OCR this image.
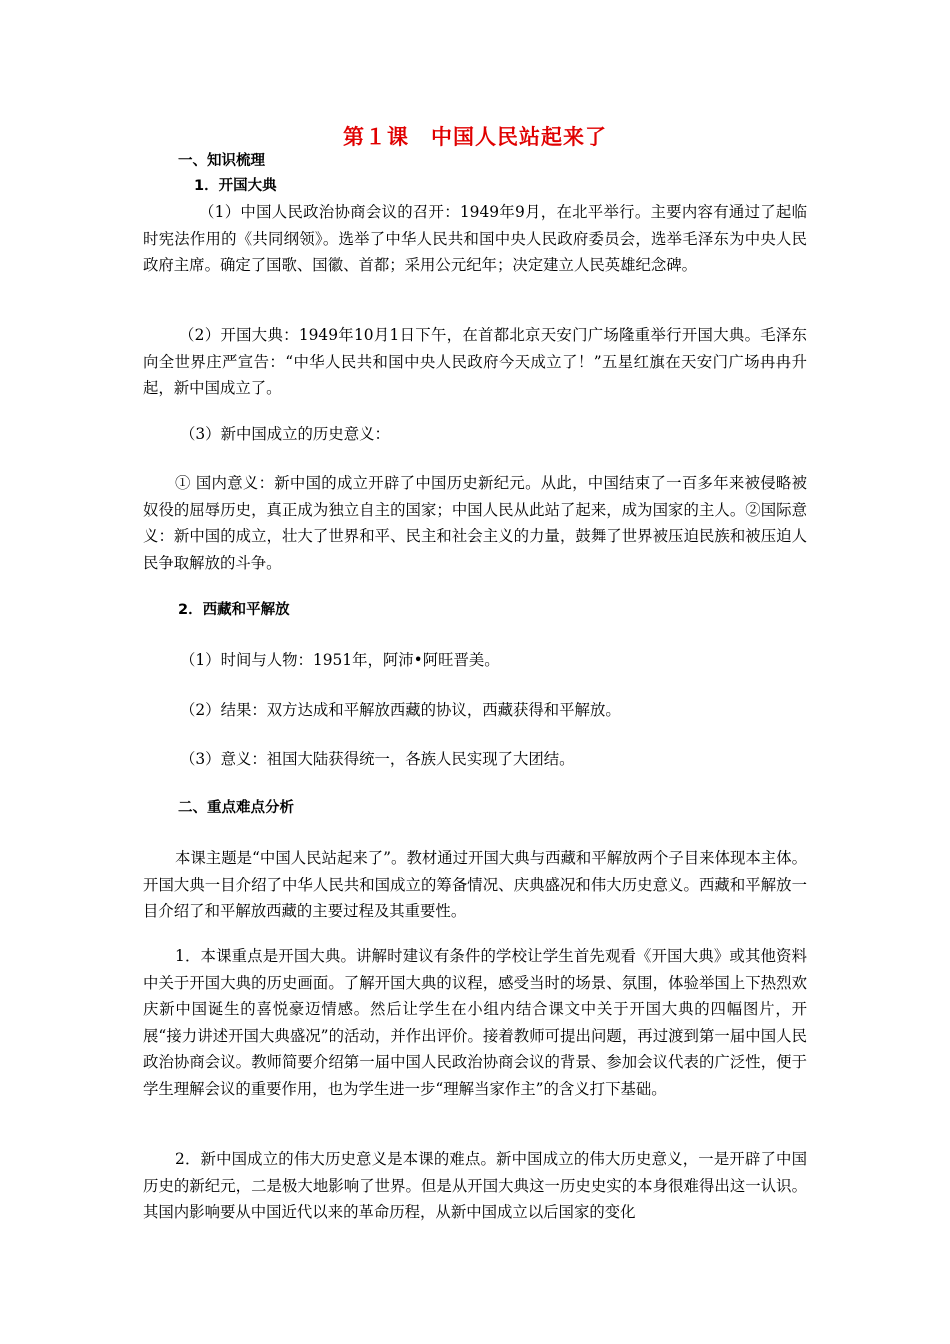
第１课　中国人民站起来了
一、知识梳理
1．开国大典

（1）中国人民政治协商会议的召开：1949年9月，在北平举行。主要内容有通过了起临时宪法作用的《共同纲领》。选举了中华人民共和国中央人民政府委员会，选举毛泽东为中央人民政府主席。确定了国歌、国徽、首都；采用公元纪年；决定建立人民英雄纪念碑。

（2）开国大典：1949年10月1日下午，在首都北京天安门广场隆重举行开国大典。毛泽东向全世界庄严宣告：“中华人民共和国中央人民政府今天成立了！”五星红旗在天安门广场冉冉升起，新中国成立了。

（3）新中国成立的历史意义：

① 国内意义：新中国的成立开辟了中国历史新纪元。从此，中国结束了一百多年来被侵略被奴役的屈辱历史，真正成为独立自主的国家；中国人民从此站了起来，成为国家的主人。②国际意义：新中国的成立，壮大了世界和平、民主和社会主义的力量，鼓舞了世界被压迫民族和被压迫人民争取解放的斗争。

2．西藏和平解放

（1）时间与人物：1951年，阿沛•阿旺晋美。

（2）结果：双方达成和平解放西藏的协议，西藏获得和平解放。

（3）意义：祖国大陆获得统一，各族人民实现了大团结。

二、重点难点分析

本课主题是“中国人民站起来了”。教材通过开国大典与西藏和平解放两个子目来体现本主体。开国大典一目介绍了中华人民共和国成立的筹备情况、庆典盛况和伟大历史意义。西藏和平解放一目介绍了和平解放西藏的主要过程及其重要性。

1．本课重点是开国大典。讲解时建议有条件的学校让学生首先观看《开国大典》或其他资料中关于开国大典的历史画面。了解开国大典的议程，感受当时的场景、氛围，体验举国上下热烈欢庆新中国诞生的喜悦豪迈情感。然后让学生在小组内结合课文中关于开国大典的四幅图片，开展“接力讲述开国大典盛况”的活动，并作出评价。接着教师可提出问题，再过渡到第一届中国人民政治协商会议。教师简要介绍第一届中国人民政治协商会议的背景、参加会议代表的广泛性，便于学生理解会议的重要作用，也为学生进一步“理解当家作主”的含义打下基础。

2．新中国成立的伟大历史意义是本课的难点。新中国成立的伟大历史意义，一是开辟了中国历史的新纪元，二是极大地影响了世界。但是从开国大典这一历史史实的本身很难得出这一认识。其国内影响要从中国近代以来的革命历程，从新中国成立以后国家的变化
